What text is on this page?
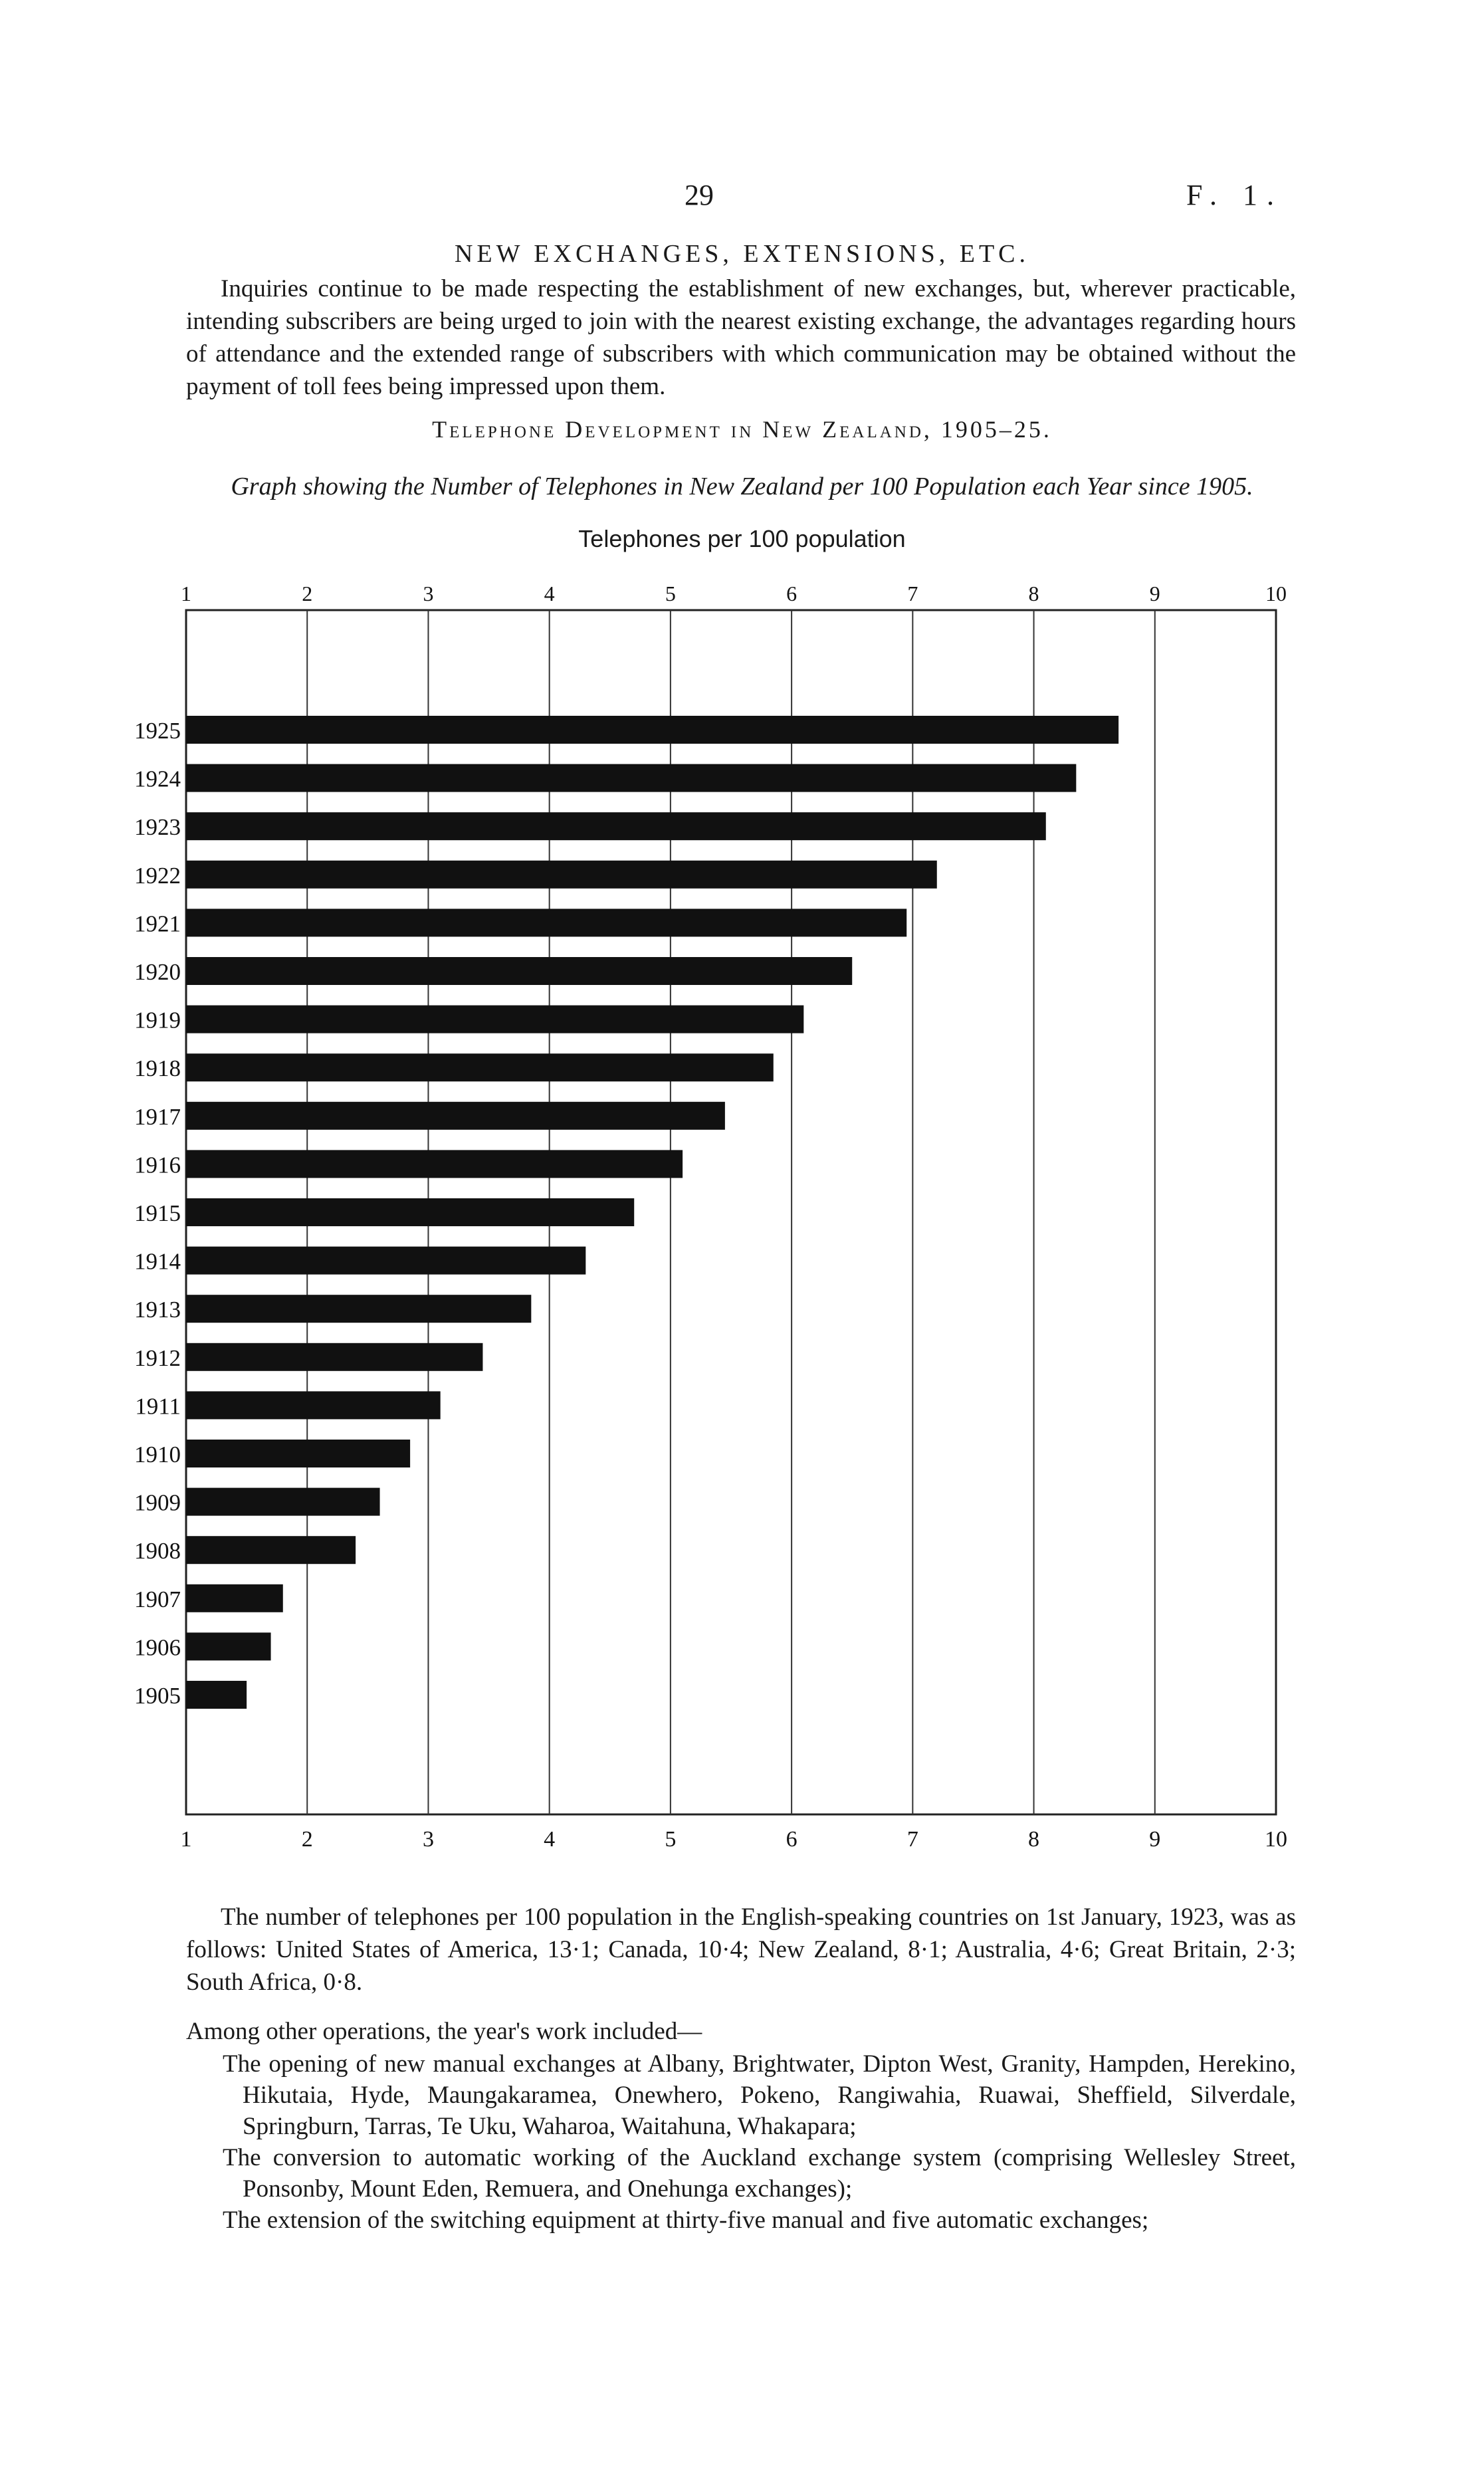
29	F. 1.
NEW EXCHANGES, EXTENSIONS, ETC.
Inquiries continue to be made respecting the establishment of new exchanges, but, wherever practicable, intending subscribers are being urged to join with the nearest existing exchange, the advantages regarding hours of attendance and the extended range of subscribers with which communication may be obtained without the payment of toll fees being impressed upon them.
Telephone Development in New Zealand, 1905–25.
Graph showing the Number of Telephones in New Zealand per 100 Population each Year since 1905.
Telephones per 100 population
1
1
2
2
3
3
4
4
5
5
6
6
7
7
8
8
9
9
10
10
1925
1924
1923
1922
1921
1920
1919
1918
1917
1916
1915
1914
1913
1912
1911
1910
1909
1908
1907
1906
1905
The number of telephones per 100 population in the English-speaking countries on 1st January, 1923, was as follows: United States of America, 13·1; Canada, 10·4; New Zealand, 8·1; Australia, 4·6; Great Britain, 2·3; South Africa, 0·8.
Among other operations, the year's work included—

The opening of new manual exchanges at Albany, Brightwater, Dipton West, Granity, Hampden, Herekino, Hikutaia, Hyde, Maungakaramea, Onewhero, Pokeno, Rangiwahia, Ruawai, Sheffield, Silverdale, Springburn, Tarras, Te Uku, Waharoa, Waitahuna, Whakapara;

The conversion to automatic working of the Auckland exchange system (comprising Wellesley Street, Ponsonby, Mount Eden, Remuera, and Onehunga exchanges);

The extension of the switching equipment at thirty-five manual and five automatic exchanges;
